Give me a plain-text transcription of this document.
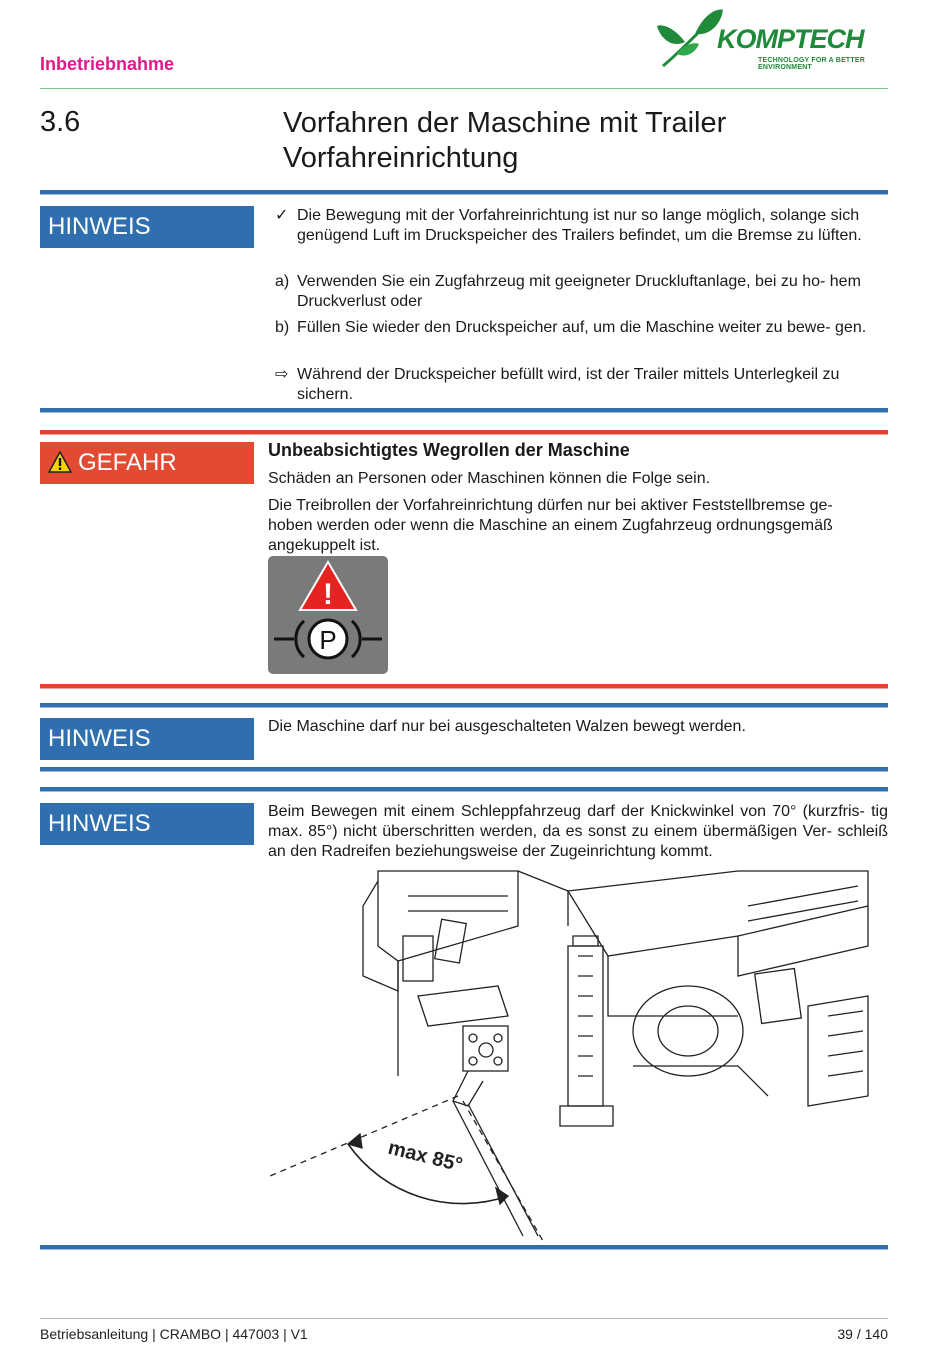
Inbetriebnahme
KOMPTECH
TECHNOLOGY FOR A BETTER ENVIRONMENT
3.6	Vorfahren der Maschine mit Trailer
Vorfahreinrichtung
HINWEIS	✓ Die Bewegung mit der Vorfahreinrichtung ist nur so lange möglich, solange sich genügend Luft im Druckspeicher des Trailers befindet, um die Bremse zu lüften.
a) Verwenden Sie ein Zugfahrzeug mit geeigneter Druckluftanlage, bei zu ho- hem Druckverlust oder
b) Füllen Sie wieder den Druckspeicher auf, um die Maschine weiter zu bewe- gen.
⇨ Während der Druckspeicher befüllt wird, ist der Trailer mittels Unterlegkeil zu sichern.
GEFAHR	Unbeabsichtigtes Wegrollen der Maschine
Schäden an Personen oder Maschinen können die Folge sein.
Die Treibrollen der Vorfahreinrichtung dürfen nur bei aktiver Feststellbremse ge- hoben werden oder wenn die Maschine an einem Zugfahrzeug ordnungsgemäß angekuppelt ist.
!
P
HINWEIS	Die Maschine darf nur bei ausgeschalteten Walzen bewegt werden.
HINWEIS	Beim Bewegen mit einem Schleppfahrzeug darf der Knickwinkel von 70° (kurzfris- tig max. 85°) nicht überschritten werden, da es sonst zu einem übermäßigen Ver- schleiß an den Radreifen beziehungsweise der Zugeinrichtung kommt.
max 85°
Betriebsanleitung | CRAMBO | 447003 | V1	39 / 140
